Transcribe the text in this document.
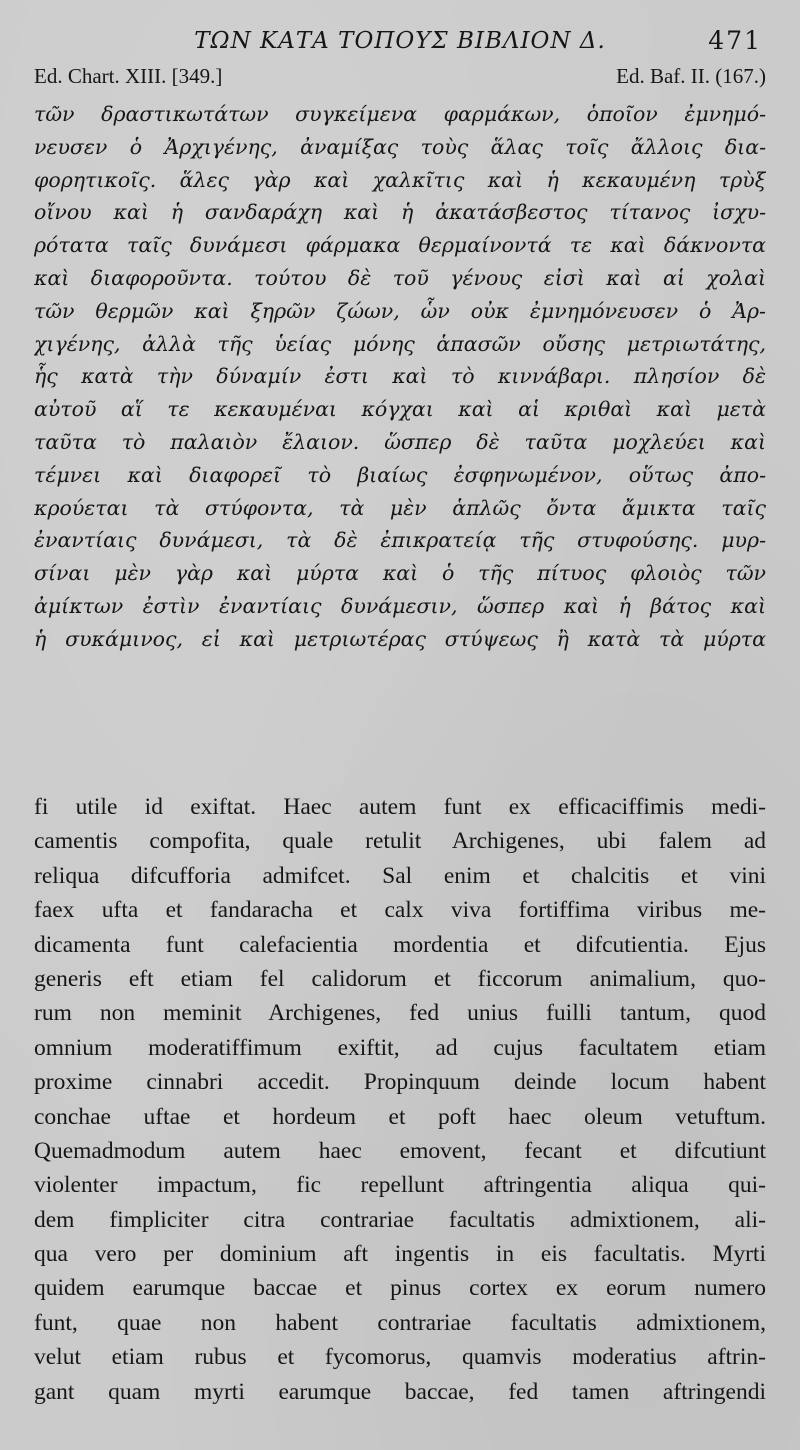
ΤΩΝ ΚΑΤΑ ΤΟΠΟΥΣ ΒΙΒΛΙΟΝ Δ.	471
Ed. Chart. XIII. [349.]	Ed. Baf. II. (167.)
τῶν δραστικωτάτων συγκείμενα φαρμάκων, ὁποῖον ἐμνημό-
νευσεν ὁ Ἀρχιγένης, ἀναμίξας τοὺς ἅλας τοῖς ἄλλοις δια-
φορητικοῖς. ἅλες γὰρ καὶ χαλκῖτις καὶ ἡ κεκαυμένη τρὺξ
οἴνου καὶ ἡ σανδαράχη καὶ ἡ ἀκατάσβεστος τίτανος ἰσχυ-
ρότατα ταῖς δυνάμεσι φάρμακα θερμαίνοντά τε καὶ δάκνοντα
καὶ διαφοροῦντα. τούτου δὲ τοῦ γένους εἰσὶ καὶ αἱ χολαὶ
τῶν θερμῶν καὶ ξηρῶν ζώων, ὧν οὐκ ἐμνημόνευσεν ὁ Ἀρ-
χιγένης, ἀλλὰ τῆς ὑείας μόνης ἁπασῶν οὔσης μετριωτάτης,
ἧς κατὰ τὴν δύναμίν ἐστι καὶ τὸ κιννάβαρι. πλησίον δὲ
αὐτοῦ αἵ τε κεκαυμέναι κόγχαι καὶ αἱ κριθαὶ καὶ μετὰ
ταῦτα τὸ παλαιὸν ἔλαιον. ὥσπερ δὲ ταῦτα μοχλεύει καὶ
τέμνει καὶ διαφορεῖ τὸ βιαίως ἐσφηνωμένον, οὕτως ἀπο-
κρούεται τὰ στύφοντα, τὰ μὲν ἁπλῶς ὄντα ἄμικτα ταῖς
ἐναντίαις δυνάμεσι, τὰ δὲ ἐπικρατείᾳ τῆς στυφούσης. μυρ-
σίναι μὲν γὰρ καὶ μύρτα καὶ ὁ τῆς πίτυος φλοιὸς τῶν
ἀμίκτων ἐστὶν ἐναντίαις δυνάμεσιν, ὥσπερ καὶ ἡ βάτος καὶ
ἡ συκάμινος, εἰ καὶ μετριωτέρας στύψεως ἢ κατὰ τὰ μύρτα
fi utile id exiftat. Haec autem funt ex efficaciffimis medi-
camentis compofita, quale retulit Archigenes, ubi falem ad
reliqua difcufforia admifcet. Sal enim et chalcitis et vini
faex ufta et fandaracha et calx viva fortiffima viribus me-
dicamenta funt calefacientia mordentia et difcutientia. Ejus
generis eft etiam fel calidorum et ficcorum animalium, quo-
rum non meminit Archigenes, fed unius fuilli tantum, quod
omnium moderatiffimum exiftit, ad cujus facultatem etiam
proxime cinnabri accedit. Propinquum deinde locum habent
conchae uftae et hordeum et poft haec oleum vetuftum.
Quemadmodum autem haec emovent, fecant et difcutiunt
violenter impactum, fic repellunt aftringentia aliqua qui-
dem fimpliciter citra contrariae facultatis admixtionem, ali-
qua vero per dominium aft ingentis in eis facultatis. Myrti
quidem earumque baccae et pinus cortex ex eorum numero
funt, quae non habent contrariae facultatis admixtionem,
velut etiam rubus et fycomorus, quamvis moderatius aftrin-
gant quam myrti earumque baccae, fed tamen aftringendi
